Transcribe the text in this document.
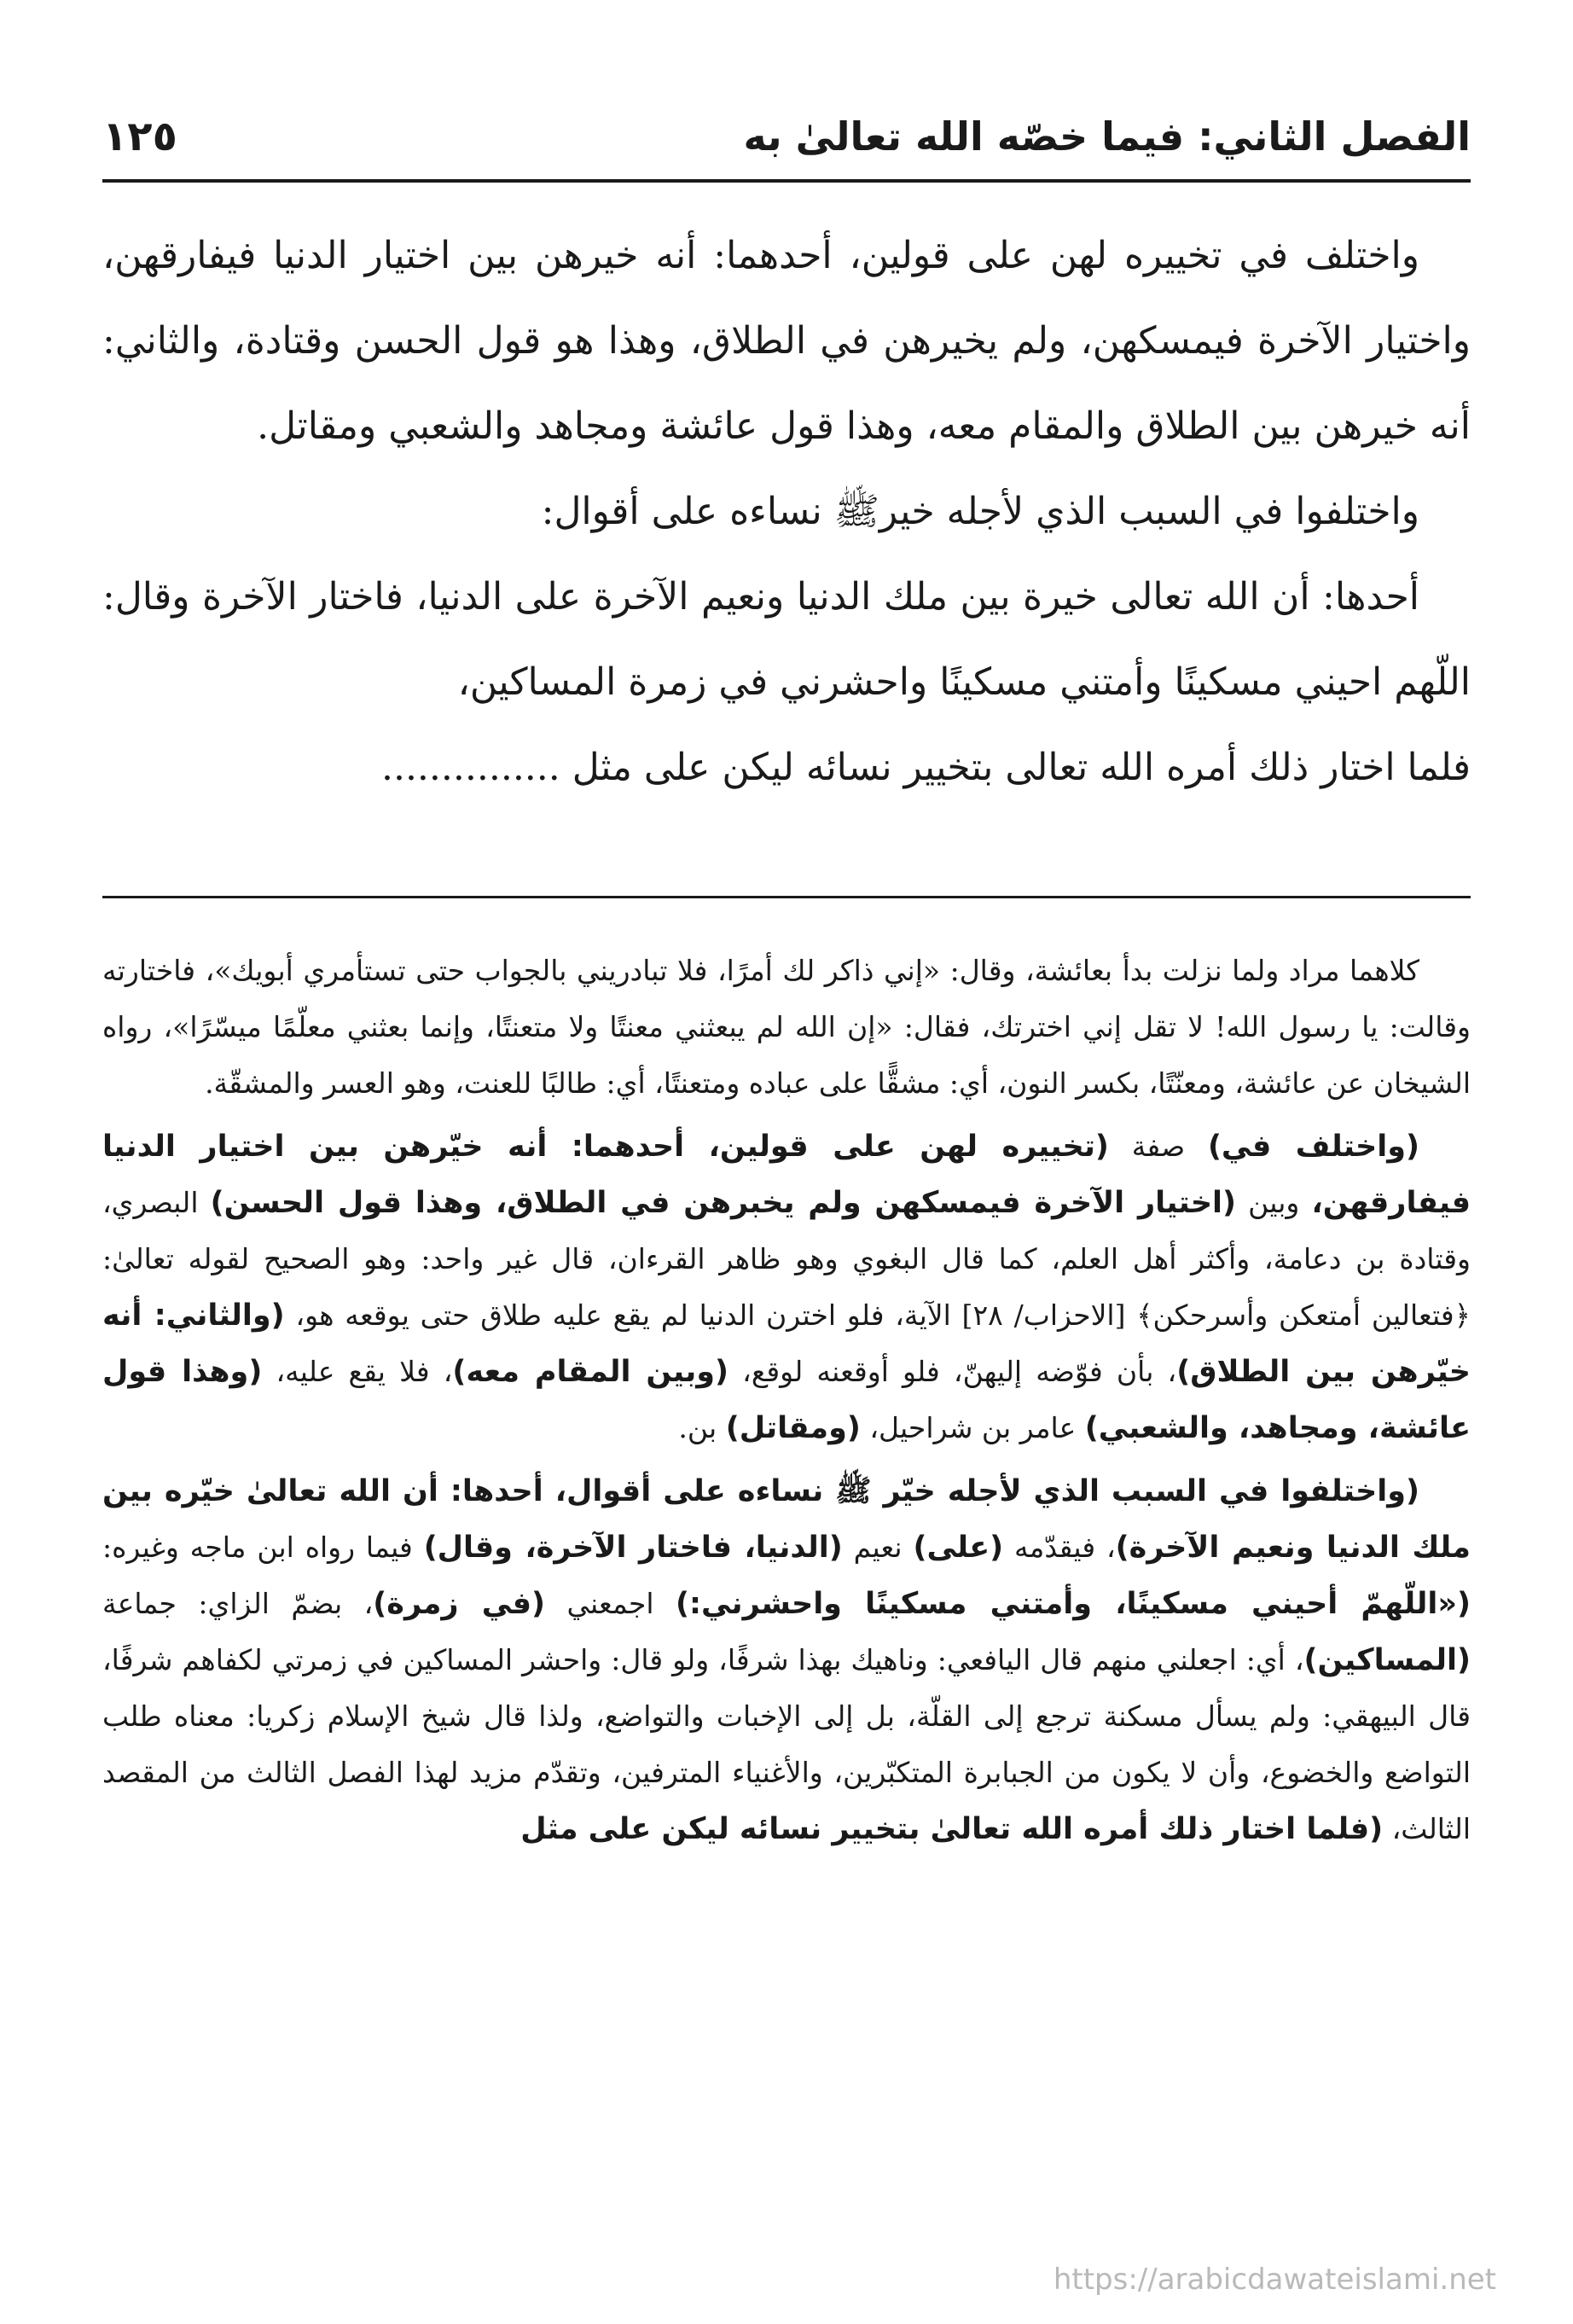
الفصل الثاني: فيما خصّه الله تعالىٰ به
١٢٥

واختلف في تخييره لهن على قولين، أحدهما: أنه خيرهن بين اختيار الدنيا فيفارقهن، واختيار الآخرة فيمسكهن، ولم يخيرهن في الطلاق، وهذا هو قول الحسن وقتادة، والثاني: أنه خيرهن بين الطلاق والمقام معه، وهذا قول عائشة ومجاهد والشعبي ومقاتل.

واختلفوا في السبب الذي لأجله خيرﷺ نساءه على أقوال:

أحدها: أن الله تعالى خيرة بين ملك الدنيا ونعيم الآخرة على الدنيا، فاختار الآخرة وقال: اللّهم احيني مسكينًا وأمتني مسكينًا واحشرني في زمرة المساكين،

فلما اختار ذلك أمره الله تعالى بتخيير نسائه ليكن على مثل ...............

كلاهما مراد ولما نزلت بدأ بعائشة، وقال: «إني ذاكر لك أمرًا، فلا تبادريني بالجواب حتى تستأمري أبويك»، فاختارته وقالت: يا رسول الله! لا تقل إني اخترتك، فقال: «إن الله لم يبعثني معنتًا ولا متعنتًا، وإنما بعثني معلّمًا ميسّرًا»، رواه الشيخان عن عائشة، ومعنّتًا، بكسر النون، أي: مشقًّا على عباده ومتعنتًا، أي: طالبًا للعنت، وهو العسر والمشقّة.

(واختلف في) صفة (تخييره لهن على قولين، أحدهما: أنه خيّرهن بين اختيار الدنيا فيفارقهن، وبين (اختيار الآخرة فيمسكهن ولم يخبرهن في الطلاق، وهذا قول الحسن) البصري، وقتادة بن دعامة، وأكثر أهل العلم، كما قال البغوي وهو ظاهر القرءان، قال غير واحد: وهو الصحيح لقوله تعالىٰ: ﴿فتعالين أمتعكن وأسرحكن﴾ [الاحزاب/ ٢٨] الآية، فلو اخترن الدنيا لم يقع عليه طلاق حتى يوقعه هو، (والثاني: أنه خيّرهن بين الطلاق)، بأن فوّضه إليهنّ، فلو أوقعنه لوقع، (وبين المقام معه)، فلا يقع عليه، (وهذا قول عائشة، ومجاهد، والشعبي) عامر بن شراحيل، (ومقاتل) بن.

(واختلفوا في السبب الذي لأجله خيّر ﷺ نساءه على أقوال، أحدها: أن الله تعالىٰ خيّره بين ملك الدنيا ونعيم الآخرة)، فيقدّمه (على) نعيم (الدنيا، فاختار الآخرة، وقال) فيما رواه ابن ماجه وغيره: («اللّهمّ أحيني مسكينًا، وأمتني مسكينًا واحشرني:) اجمعني (في زمرة)، بضمّ الزاي: جماعة (المساكين)، أي: اجعلني منهم قال اليافعي: وناهيك بهذا شرفًا، ولو قال: واحشر المساكين في زمرتي لكفاهم شرفًا، قال البيهقي: ولم يسأل مسكنة ترجع إلى القلّة، بل إلى الإخبات والتواضع، ولذا قال شيخ الإسلام زكريا: معناه طلب التواضع والخضوع، وأن لا يكون من الجبابرة المتكبّرين، والأغنياء المترفين، وتقدّم مزيد لهذا الفصل الثالث من المقصد الثالث، (فلما اختار ذلك أمره الله تعالىٰ بتخيير نسائه ليكن على مثل

https://arabicdawateislami.net
